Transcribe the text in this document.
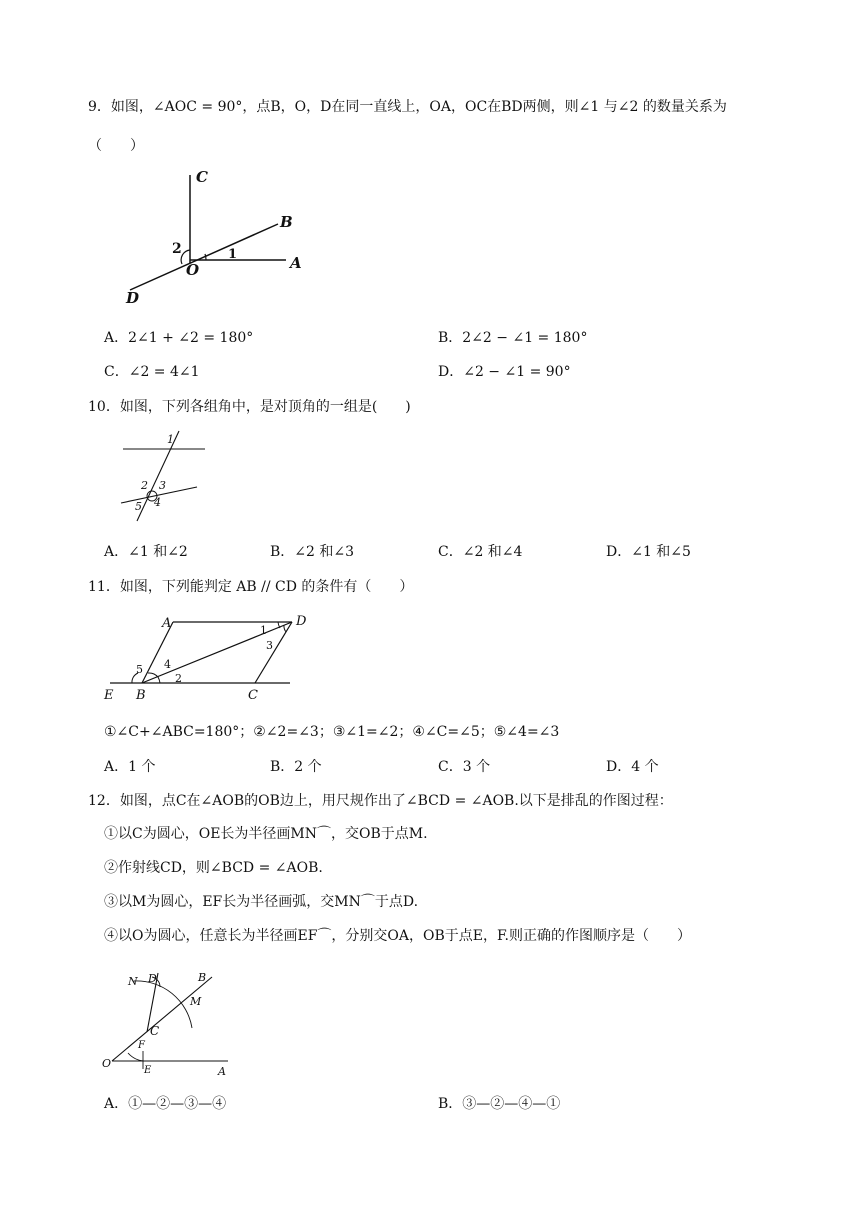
9．如图，∠AOC = 90°，点B，O，D在同一直线上，OA，OC在BD两侧，则∠1 与∠2 的数量关系为
（　　）
C
B
A
O
D
2	1
A．2∠1 + ∠2 = 180°	B．2∠2 − ∠1 = 180°
C．∠2 = 4∠1	D．∠2 − ∠1 = 90°
10．如图，下列各组角中，是对顶角的一组是(　　)
1
2 3
4
5
A．∠1 和∠2	B．∠2 和∠3	C．∠2 和∠4	D．∠1 和∠5
11．如图，下列能判定 AB // CD 的条件有（　　）
A	D
E B	C
1
2
3
4
5
①∠C+∠ABC=180°；②∠2=∠3；③∠1=∠2；④∠C=∠5；⑤∠4=∠3
A．1 个	B．2 个	C．3 个	D．4 个
12．如图，点C在∠AOB的OB边上，用尺规作出了∠BCD = ∠AOB.以下是排乱的作图过程：
①以C为圆心，OE长为半径画MN⌒，交OB于点M.
②作射线CD，则∠BCD = ∠AOB.
③以M为圆心，EF长为半径画弧，交MN⌒于点D.
④以O为圆心，任意长为半径画EF⌒，分别交OA，OB于点E，F.则正确的作图顺序是（　　）
N D	B
M
C
F
O
E	A
A．①—②—③—④	B．③—②—④—①
